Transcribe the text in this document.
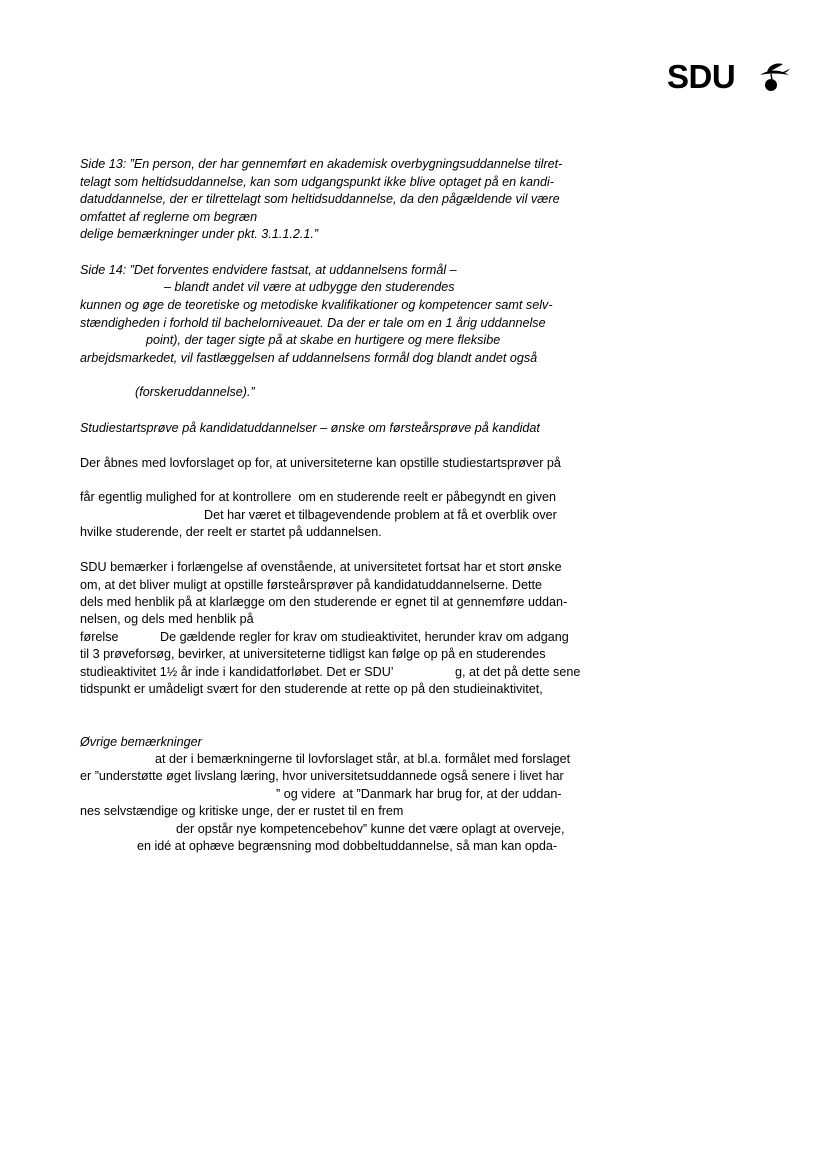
SDU
Side 13: ”En person, der har gennemført en akademisk overbygningsuddannelse tilret-
telagt som heltidsuddannelse, kan som udgangspunkt ikke blive optaget på en kandi-
datuddannelse, der er tilrettelagt som heltidsuddannelse, da den pågældende vil være
omfattet af reglerne om begræn
delige bemærkninger under pkt. 3.1.1.2.1.”
Side 14: ”Det forventes endvidere fastsat, at uddannelsens formål –
– blandt andet vil være at udbygge den studerendes
kunnen og øge de teoretiske og metodiske kvalifikationer og kompetencer samt selv-
stændigheden i forhold til bachelorniveauet. Da der er tale om en 1 årig uddannelse
point), der tager sigte på at skabe en hurtigere og mere fleksibe
arbejdsmarkedet, vil fastlæggelsen af uddannelsens formål dog blandt andet også
(forskeruddannelse).”
Studiestartsprøve på kandidatuddannelser – ønske om førsteårsprøve på kandidat
Der åbnes med lovforslaget op for, at universiteterne kan opstille studiestartsprøver på
får egentlig mulighed for at kontrollere  om en studerende reelt er påbegyndt en given
Det har været et tilbagevendende problem at få et overblik over
hvilke studerende, der reelt er startet på uddannelsen.
SDU bemærker i forlængelse af ovenstående, at universitetet fortsat har et stort ønske
om, at det bliver muligt at opstille førsteårsprøver på kandidatuddannelserne. Dette
dels med henblik på at klarlægge om den studerende er egnet til at gennemføre uddan-
nelsen, og dels med henblik på
førelse	De gældende regler for krav om studieaktivitet, herunder krav om adgang
til 3 prøveforsøg, bevirker, at universiteterne tidligst kan følge op på en studerendes
studieaktivitet 1½ år inde i kandidatforløbet. Det er SDU’	g, at det på dette sene
tidspunkt er umådeligt svært for den studerende at rette op på den studieinaktivitet,
Øvrige bemærkninger
at der i bemærkningerne til lovforslaget står, at bl.a. formålet med forslaget
er ”understøtte øget livslang læring, hvor universitetsuddannede også senere i livet har
” og videre  at ”Danmark har brug for, at der uddan-
nes selvstændige og kritiske unge, der er rustet til en frem
der opstår nye kompetencebehov” kunne det være oplagt at overveje,
en idé at ophæve begrænsning mod dobbeltuddannelse, så man kan opda-
